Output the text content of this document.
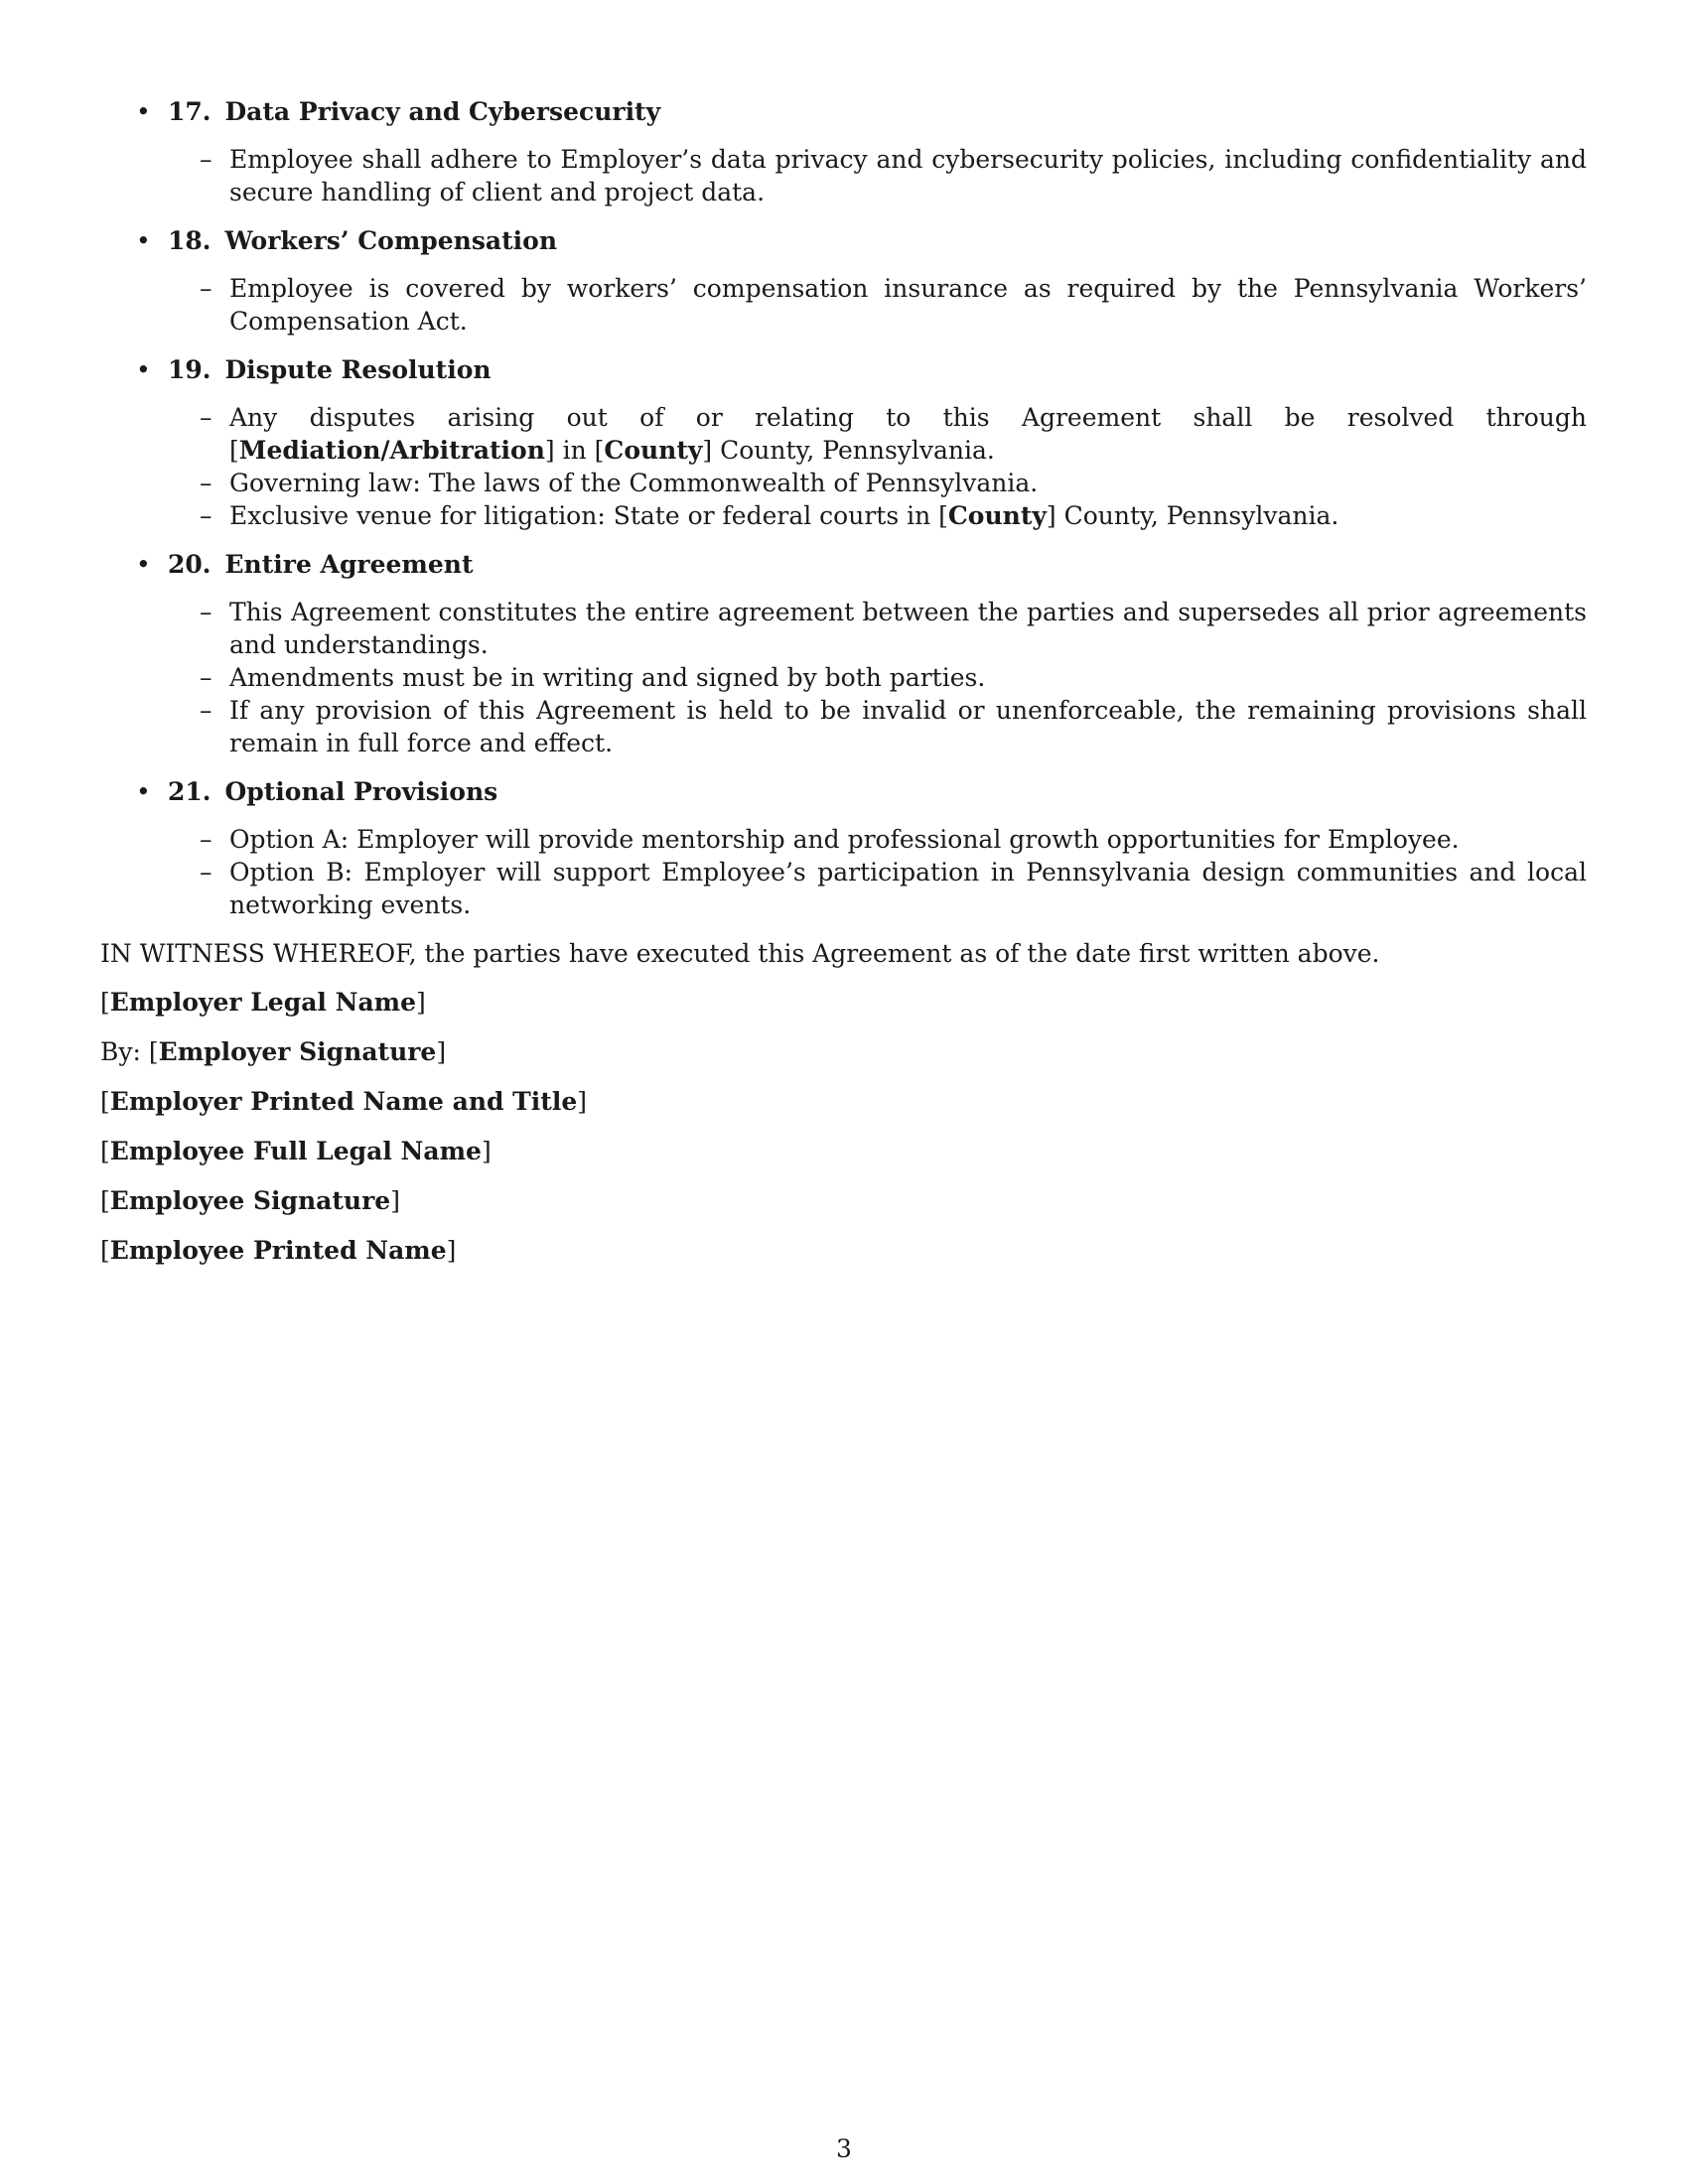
• 17. Data Privacy and Cybersecurity
– Employee shall adhere to Employer’s data privacy and cybersecurity policies, including confidentiality and secure handling of client and project data.
• 18. Workers’ Compensation
– Employee is covered by workers’ compensation insurance as required by the Pennsylvania Workers’ Compensation Act.
• 19. Dispute Resolution
– Any disputes arising out of or relating to this Agreement shall be resolved through [Mediation/Arbitration] in [County] County, Pennsylvania.
– Governing law: The laws of the Commonwealth of Pennsylvania.
– Exclusive venue for litigation: State or federal courts in [County] County, Pennsylvania.
• 20. Entire Agreement
– This Agreement constitutes the entire agreement between the parties and supersedes all prior agreements and understandings.
– Amendments must be in writing and signed by both parties.
– If any provision of this Agreement is held to be invalid or unenforceable, the remaining provisions shall remain in full force and effect.
• 21. Optional Provisions
– Option A: Employer will provide mentorship and professional growth opportunities for Employee.
– Option B: Employer will support Employee’s participation in Pennsylvania design communities and local networking events.
IN WITNESS WHEREOF, the parties have executed this Agreement as of the date first written above.
[Employer Legal Name]
By: [Employer Signature]
[Employer Printed Name and Title]
[Employee Full Legal Name]
[Employee Signature]
[Employee Printed Name]
3
